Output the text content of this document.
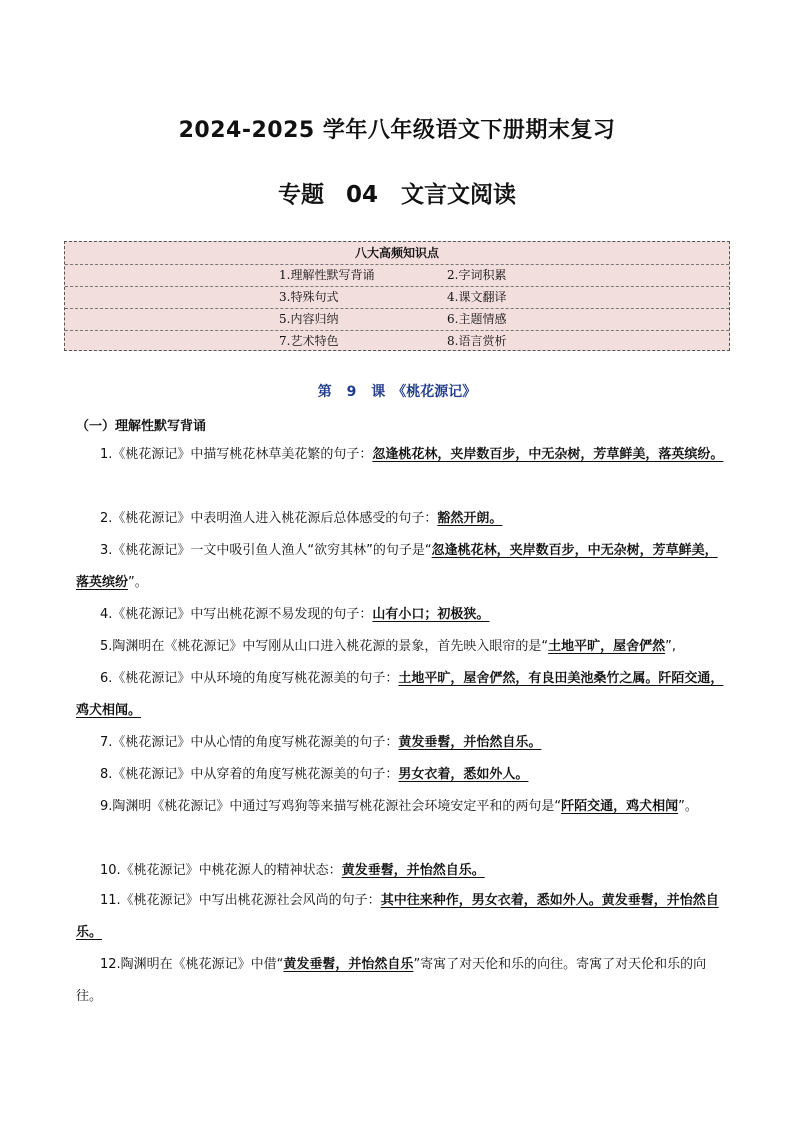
2024-2025 学年八年级语文下册期末复习
专题 04　文言文阅读
八大高频知识点
1.理解性默写背诵	2.字词积累
3.特殊句式	4.课文翻译
5.内容归纳	6.主题情感
7.艺术特色	8.语言赏析
第 9 课　《桃花源记》
（一）理解性默写背诵
1.《桃花源记》中描写桃花林草美花繁的句子：忽逢桃花林，夹岸数百步，中无杂树，芳草鲜美，落英缤纷。
2.《桃花源记》中表明渔人进入桃花源后总体感受的句子：豁然开朗。
3.《桃花源记》一文中吸引鱼人渔人“欲穷其林”的句子是“忽逢桃花林，夹岸数百步，中无杂树，芳草鲜美，落英缤纷”。
4.《桃花源记》中写出桃花源不易发现的句子：山有小口；初极狭。
5.陶渊明在《桃花源记》中写刚从山口进入桃花源的景象，首先映入眼帘的是“土地平旷，屋舍俨然”,
6.《桃花源记》中从环境的角度写桃花源美的句子：土地平旷，屋舍俨然，有良田美池桑竹之属。阡陌交通，鸡犬相闻。
7.《桃花源记》中从心情的角度写桃花源美的句子：黄发垂髫，并怡然自乐。
8.《桃花源记》中从穿着的角度写桃花源美的句子：男女衣着，悉如外人。
9.陶渊明《桃花源记》中通过写鸡狗等来描写桃花源社会环境安定平和的两句是“阡陌交通，鸡犬相闻”。
10.《桃花源记》中桃花源人的精神状态：黄发垂髫，并怡然自乐。
11.《桃花源记》中写出桃花源社会风尚的句子：其中往来种作，男女衣着，悉如外人。黄发垂髫，并怡然自乐。
12.陶渊明在《桃花源记》中借“黄发垂髫，并怡然自乐”寄寓了对天伦和乐的向往。寄寓了对天伦和乐的向往。
